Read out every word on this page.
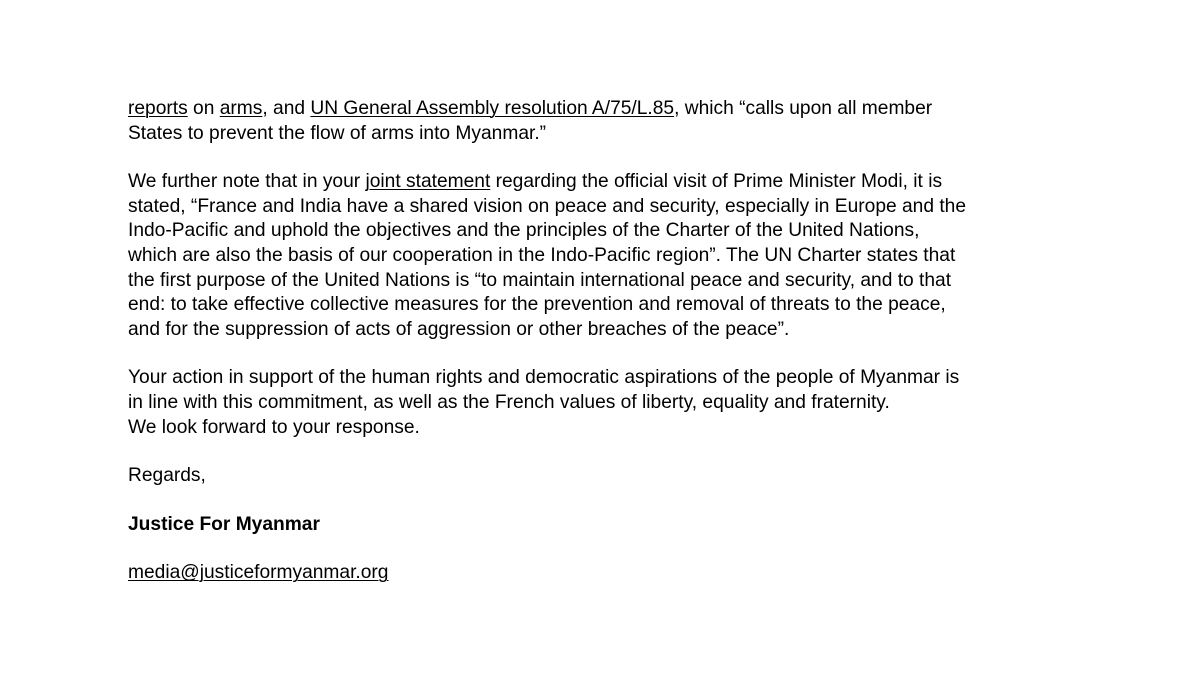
reports on arms, and UN General Assembly resolution A/75/L.85, which “calls upon all member
States to prevent the flow of arms into Myanmar.”

We further note that in your joint statement regarding the official visit of Prime Minister Modi, it is
stated, “France and India have a shared vision on peace and security, especially in Europe and the
Indo-Pacific and uphold the objectives and the principles of the Charter of the United Nations,
which are also the basis of our cooperation in the Indo-Pacific region”. The UN Charter states that
the first purpose of the United Nations is “to maintain international peace and security, and to that
end: to take effective collective measures for the prevention and removal of threats to the peace,
and for the suppression of acts of aggression or other breaches of the peace”.

Your action in support of the human rights and democratic aspirations of the people of Myanmar is
in line with this commitment, as well as the French values of liberty, equality and fraternity.
We look forward to your response.

Regards,

Justice For Myanmar

media@justiceformyanmar.org
